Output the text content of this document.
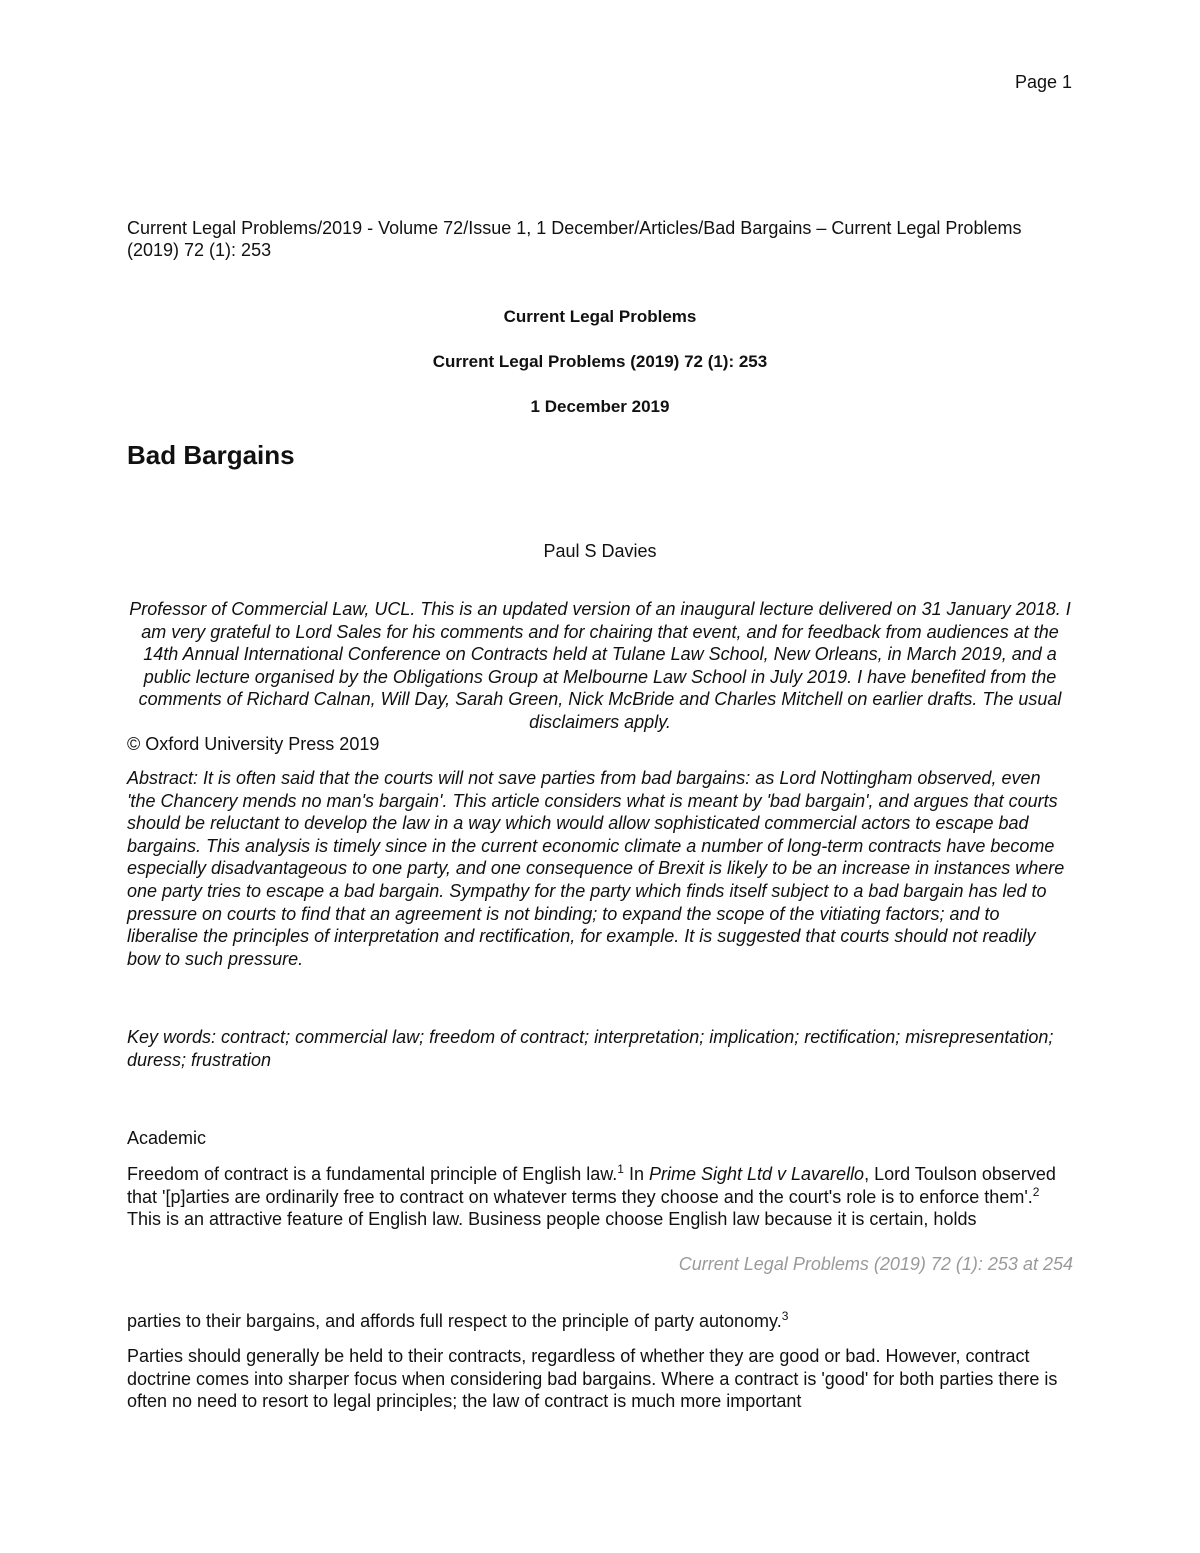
Page 1
Current Legal Problems/2019 - Volume 72/Issue 1, 1 December/Articles/Bad Bargains – Current Legal Problems (2019) 72 (1): 253
Current Legal Problems
Current Legal Problems (2019) 72 (1): 253
1 December 2019
Bad Bargains
Paul S Davies
Professor of Commercial Law, UCL. This is an updated version of an inaugural lecture delivered on 31 January 2018. I am very grateful to Lord Sales for his comments and for chairing that event, and for feedback from audiences at the 14th Annual International Conference on Contracts held at Tulane Law School, New Orleans, in March 2019, and a public lecture organised by the Obligations Group at Melbourne Law School in July 2019. I have benefited from the comments of Richard Calnan, Will Day, Sarah Green, Nick McBride and Charles Mitchell on earlier drafts. The usual disclaimers apply.
© Oxford University Press 2019
Abstract: It is often said that the courts will not save parties from bad bargains: as Lord Nottingham observed, even 'the Chancery mends no man's bargain'. This article considers what is meant by 'bad bargain', and argues that courts should be reluctant to develop the law in a way which would allow sophisticated commercial actors to escape bad bargains. This analysis is timely since in the current economic climate a number of long-term contracts have become especially disadvantageous to one party, and one consequence of Brexit is likely to be an increase in instances where one party tries to escape a bad bargain. Sympathy for the party which finds itself subject to a bad bargain has led to pressure on courts to find that an agreement is not binding; to expand the scope of the vitiating factors; and to liberalise the principles of interpretation and rectification, for example. It is suggested that courts should not readily bow to such pressure.
Key words: contract; commercial law; freedom of contract; interpretation; implication; rectification; misrepresentation; duress; frustration
Academic

Freedom of contract is a fundamental principle of English law.$^1$ In Prime Sight Ltd v Lavarello, Lord Toulson observed that '[p]arties are ordinarily free to contract on whatever terms they choose and the court's role is to enforce them'.$^2$ This is an attractive feature of English law. Business people choose English law because it is certain, holds

Current Legal Problems (2019) 72 (1): 253 at 254

parties to their bargains, and affords full respect to the principle of party autonomy.$^3$

Parties should generally be held to their contracts, regardless of whether they are good or bad. However, contract doctrine comes into sharper focus when considering bad bargains. Where a contract is 'good' for both parties there is often no need to resort to legal principles; the law of contract is much more important
